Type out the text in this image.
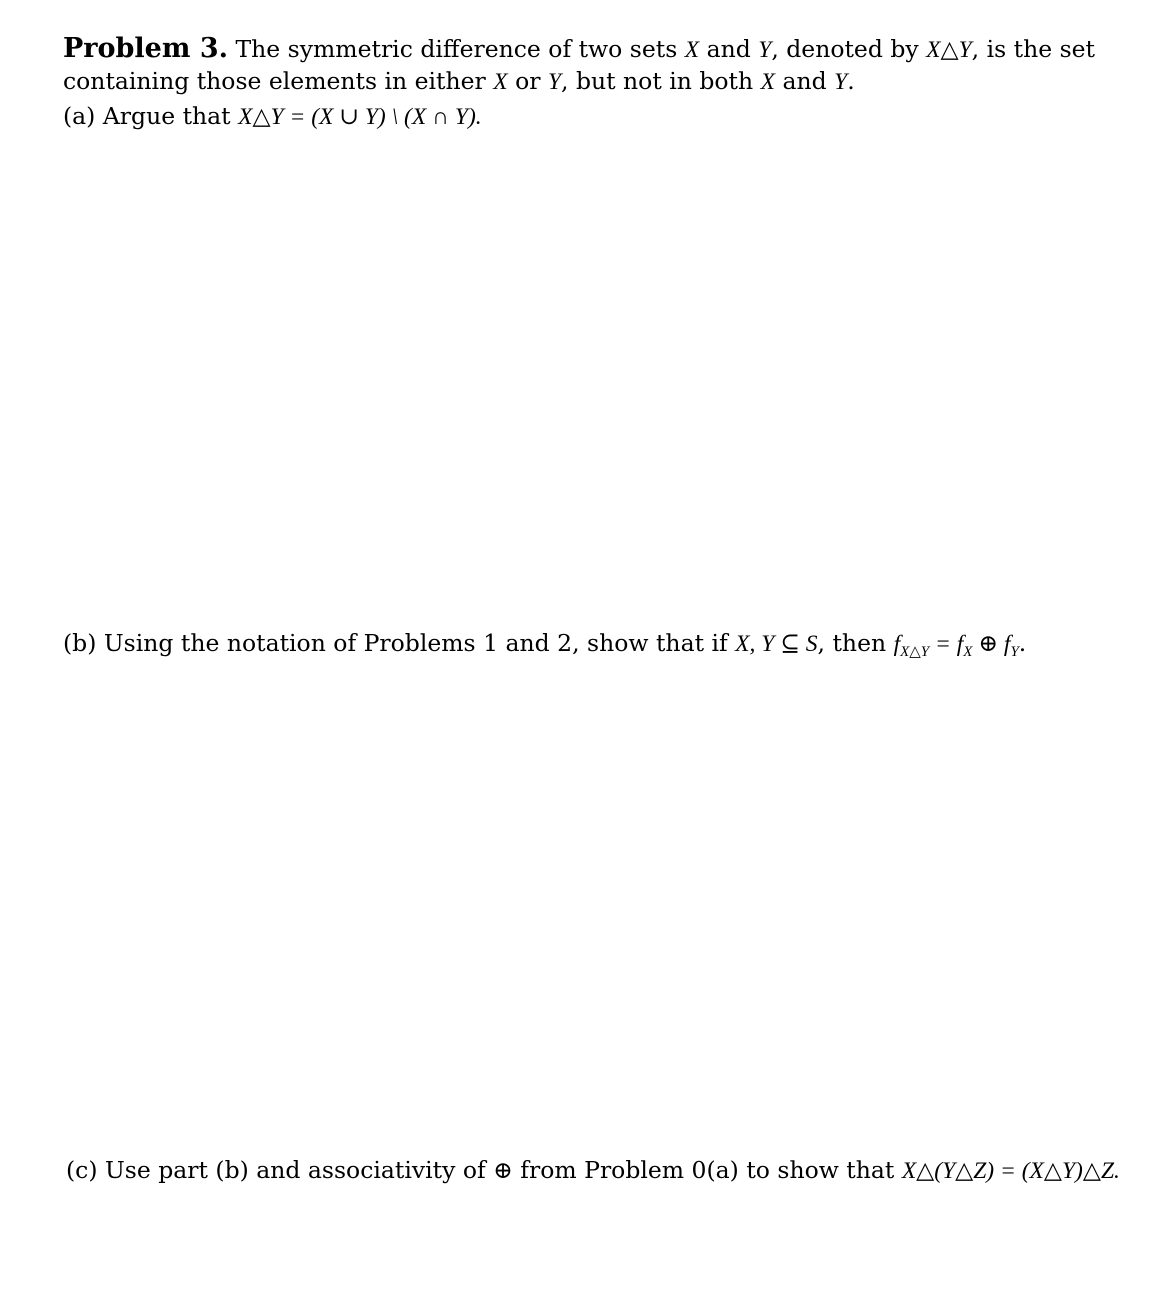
Problem 3. The symmetric difference of two sets X and Y, denoted by X△Y, is the set
containing those elements in either X or Y, but not in both X and Y.
(a) Argue that X△Y = (X ∪ Y) \ (X ∩ Y).
(b) Using the notation of Problems 1 and 2, show that if X, Y ⊆ S, then $f_{X\triangle Y} = f_X$ ⊕ $f_Y$.
(c) Use part (b) and associativity of ⊕ from Problem 0(a) to show that X△(Y△Z) = (X△Y)△Z.
